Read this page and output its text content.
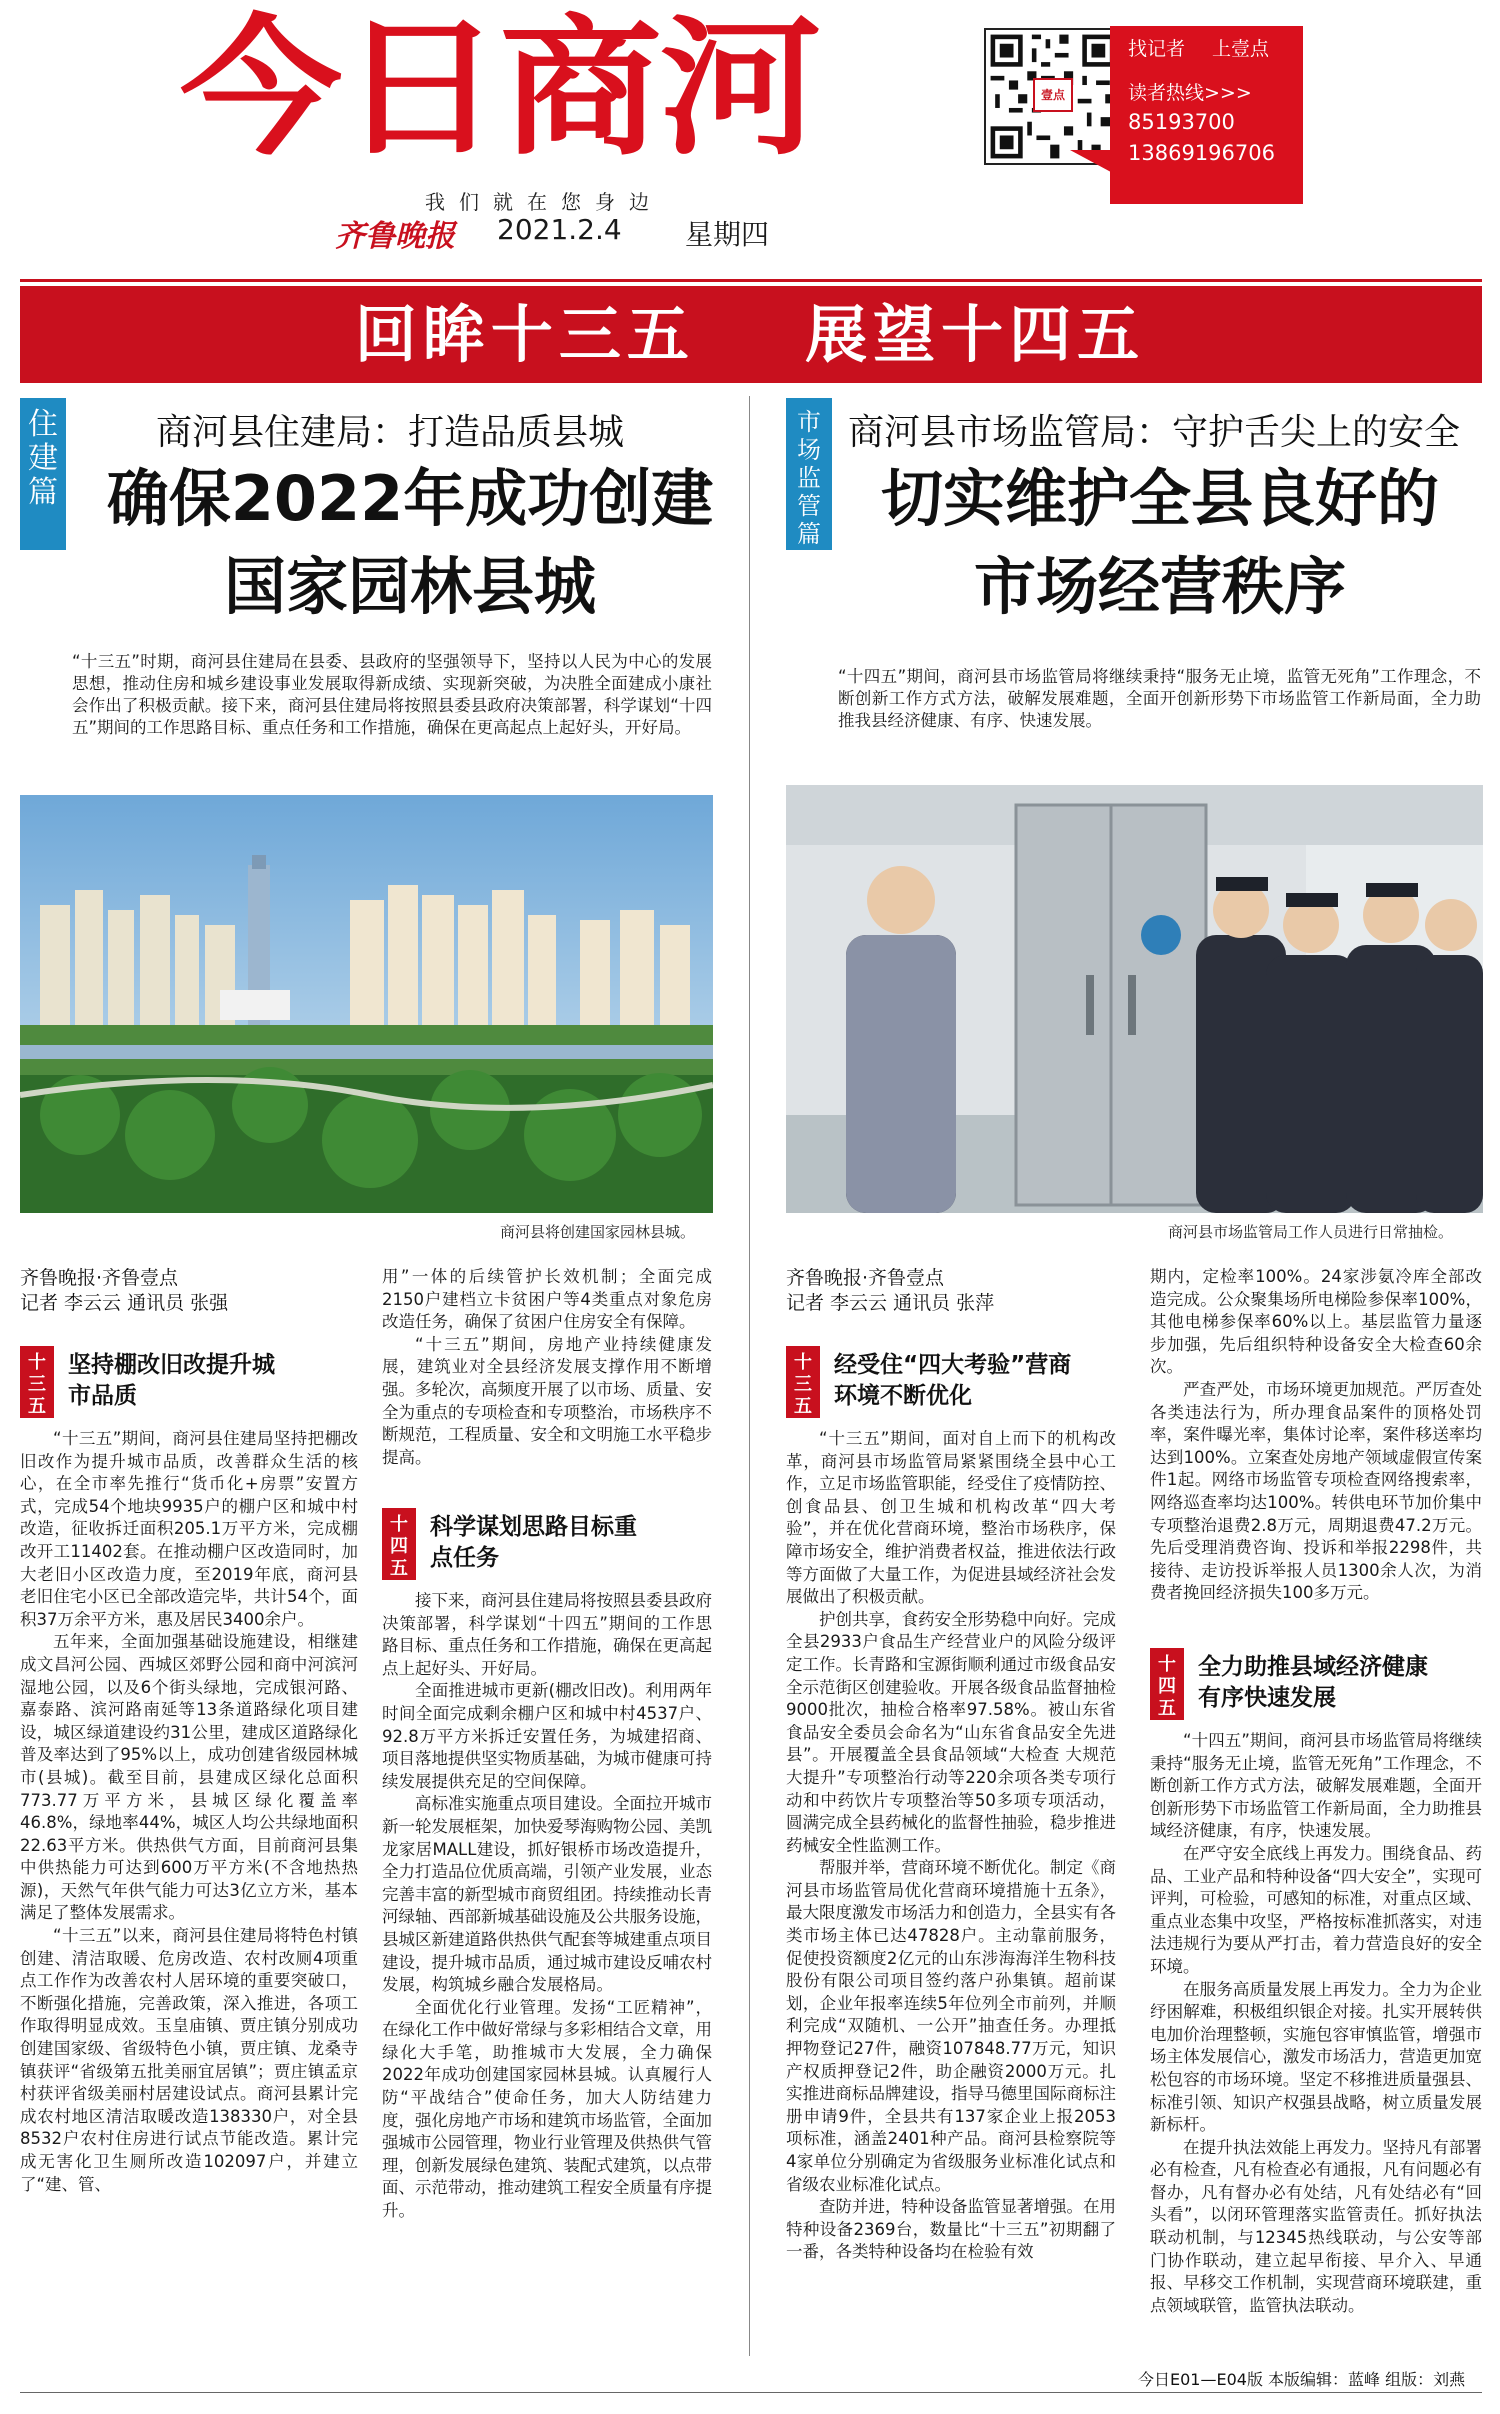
今日商河
我们就在您身边
齐鲁晚报 2021.2.4 星期四
壹点
找记者 上壹点
读者热线>>>
85193700
13869196706
回眸十三五    展望十四五
住建篇
商河县住建局：打造品质县城
确保2022年成功创建
国家园林县城
“十三五”时期，商河县住建局在县委、县政府的坚强领导下，坚持以人民为中心的发展思想，推动住房和城乡建设事业发展取得新成绩、实现新突破，为决胜全面建成小康社会作出了积极贡献。接下来，商河县住建局将按照县委县政府决策部署，科学谋划“十四五”期间的工作思路目标、重点任务和工作措施，确保在更高起点上起好头，开好局。
商河县将创建国家园林县城。
齐鲁晚报·齐鲁壹点
记者 李云云 通讯员 张强
十三五
坚持棚改旧改提升城市品质

“十三五”期间，商河县住建局坚持把棚改旧改作为提升城市品质，改善群众生活的核心，在全市率先推行“货币化+房票”安置方式，完成54个地块9935户的棚户区和城中村改造，征收拆迁面积205.1万平方米，完成棚改开工11402套。在推动棚户区改造同时，加大老旧小区改造力度，至2019年底，商河县老旧住宅小区已全部改造完毕，共计54个，面积37万余平方米，惠及居民3400余户。

五年来，全面加强基础设施建设，相继建成文昌河公园、西城区郊野公园和商中河滨河湿地公园，以及6个街头绿地，完成银河路、嘉泰路、滨河路南延等13条道路绿化项目建设，城区绿道建设约31公里，建成区道路绿化普及率达到了95%以上，成功创建省级园林城市(县城)。截至目前，县建成区绿化总面积773.77万平方米，县城区绿化覆盖率46.8%，绿地率44%，城区人均公共绿地面积22.63平方米。供热供气方面，目前商河县集中供热能力可达到600万平方米(不含地热热源)，天然气年供气能力可达3亿立方米，基本满足了整体发展需求。

“十三五”以来，商河县住建局将特色村镇创建、清洁取暖、危房改造、农村改厕4项重点工作作为改善农村人居环境的重要突破口，不断强化措施，完善政策，深入推进，各项工作取得明显成效。玉皇庙镇、贾庄镇分别成功创建国家级、省级特色小镇，贾庄镇、龙桑寺镇获评“省级第五批美丽宜居镇”；贾庄镇孟京村获评省级美丽村居建设试点。商河县累计完成农村地区清洁取暖改造138330户，对全县8532户农村住房进行试点节能改造。累计完成无害化卫生厕所改造102097户，并建立了“建、管、

用”一体的后续管护长效机制；全面完成2150户建档立卡贫困户等4类重点对象危房改造任务，确保了贫困户住房安全有保障。

“十三五”期间，房地产业持续健康发展，建筑业对全县经济发展支撑作用不断增强。多轮次，高频度开展了以市场、质量、安全为重点的专项检查和专项整治，市场秩序不断规范，工程质量、安全和文明施工水平稳步提高。

十四五
科学谋划思路目标重点任务

接下来，商河县住建局将按照县委县政府决策部署，科学谋划“十四五”期间的工作思路目标、重点任务和工作措施，确保在更高起点上起好头、开好局。

全面推进城市更新(棚改旧改)。利用两年时间全面完成剩余棚户区和城中村4537户、92.8万平方米拆迁安置任务，为城建招商、项目落地提供坚实物质基础，为城市健康可持续发展提供充足的空间保障。

高标准实施重点项目建设。全面拉开城市新一轮发展框架，加快爱琴海购物公园、美凯龙家居MALL建设，抓好银桥市场改造提升，全力打造品位优质高端，引领产业发展，业态完善丰富的新型城市商贸组团。持续推动长青河绿轴、西部新城基础设施及公共服务设施，县城区新建道路供热供气配套等城建重点项目建设，提升城市品质，通过城市建设反哺农村发展，构筑城乡融合发展格局。

全面优化行业管理。发扬“工匠精神”，在绿化工作中做好常绿与多彩相结合文章，用绿化大手笔，助推城市大发展，全力确保2022年成功创建国家园林县城。认真履行人防“平战结合”使命任务，加大人防结建力度，强化房地产市场和建筑市场监管，全面加强城市公园管理，物业行业管理及供热供气管理，创新发展绿色建筑、装配式建筑，以点带面、示范带动，推动建筑工程安全质量有序提升。

市场监管篇
商河县市场监管局：守护舌尖上的安全
切实维护全县良好的
市场经营秩序
“十四五”期间，商河县市场监管局将继续秉持“服务无止境，监管无死角”工作理念，不断创新工作方式方法，破解发展难题，全面开创新形势下市场监管工作新局面，全力助推我县经济健康、有序、快速发展。
商河县市场监管局工作人员进行日常抽检。
齐鲁晚报·齐鲁壹点
记者 李云云 通讯员 张萍
十三五
经受住“四大考验”营商环境不断优化

“十三五”期间，面对自上而下的机构改革，商河县市场监管局紧紧围绕全县中心工作，立足市场监管职能，经受住了疫情防控、创食品县、创卫生城和机构改革“四大考验”，并在优化营商环境，整治市场秩序，保障市场安全，维护消费者权益，推进依法行政等方面做了大量工作，为促进县域经济社会发展做出了积极贡献。

护创共享，食药安全形势稳中向好。完成全县2933户食品生产经营业户的风险分级评定工作。长青路和宝源街顺利通过市级食品安全示范街区创建验收。开展各级食品监督抽检9000批次，抽检合格率97.58%。被山东省食品安全委员会命名为“山东省食品安全先进县”。开展覆盖全县食品领域“大检查 大规范 大提升”专项整治行动等220余项各类专项行动和中药饮片专项整治等50多项专项活动，圆满完成全县药械化的监督性抽验，稳步推进药械安全性监测工作。

帮服并举，营商环境不断优化。制定《商河县市场监管局优化营商环境措施十五条》，最大限度激发市场活力和创造力，全县实有各类市场主体已达47828户。主动靠前服务，促使投资额度2亿元的山东涉海海洋生物科技股份有限公司项目签约落户孙集镇。超前谋划，企业年报率连续5年位列全市前列，并顺利完成“双随机、一公开”抽查任务。办理抵押物登记27件，融资107848.77万元，知识产权质押登记2件，助企融资2000万元。扎实推进商标品牌建设，指导马德里国际商标注册申请9件，全县共有137家企业上报2053项标准，涵盖2401种产品。商河县检察院等4家单位分别确定为省级服务业标准化试点和省级农业标准化试点。

查防并进，特种设备监管显著增强。在用特种设备2369台，数量比“十三五”初期翻了一番，各类特种设备均在检验有效

期内，定检率100%。24家涉氨冷库全部改造完成。公众聚集场所电梯险参保率100%，其他电梯参保率60%以上。基层监管力量逐步加强，先后组织特种设备安全大检查60余次。

严查严处，市场环境更加规范。严厉查处各类违法行为，所办理食品案件的顶格处罚率，案件曝光率，集体讨论率，案件移送率均达到100%。立案查处房地产领域虚假宣传案件1起。网络市场监管专项检查网络搜索率，网络巡查率均达100%。转供电环节加价集中专项整治退费2.8万元，周期退费47.2万元。先后受理消费咨询、投诉和举报2298件，共接待、走访投诉举报人员1300余人次，为消费者挽回经济损失100多万元。

十四五
全力助推县域经济健康有序快速发展

“十四五”期间，商河县市场监管局将继续秉持“服务无止境，监管无死角”工作理念，不断创新工作方式方法，破解发展难题，全面开创新形势下市场监管工作新局面，全力助推县域经济健康，有序，快速发展。

在严守安全底线上再发力。围绕食品、药品、工业产品和特种设备“四大安全”，实现可评判，可检验，可感知的标准，对重点区域、重点业态集中攻坚，严格按标准抓落实，对违法违规行为要从严打击，着力营造良好的安全环境。

在服务高质量发展上再发力。全力为企业纾困解难，积极组织银企对接。扎实开展转供电加价治理整顿，实施包容审慎监管，增强市场主体发展信心，激发市场活力，营造更加宽松包容的市场环境。坚定不移推进质量强县、标准引领、知识产权强县战略，树立质量发展新标杆。

在提升执法效能上再发力。坚持凡有部署必有检查，凡有检查必有通报，凡有问题必有督办，凡有督办必有处结，凡有处结必有“回头看”，以闭环管理落实监管责任。抓好执法联动机制，与12345热线联动，与公安等部门协作联动，建立起早衔接、早介入、早通报、早移交工作机制，实现营商环境联建，重点领域联管，监管执法联动。

今日E01—E04版 本版编辑：蓝峰 组版：刘燕
